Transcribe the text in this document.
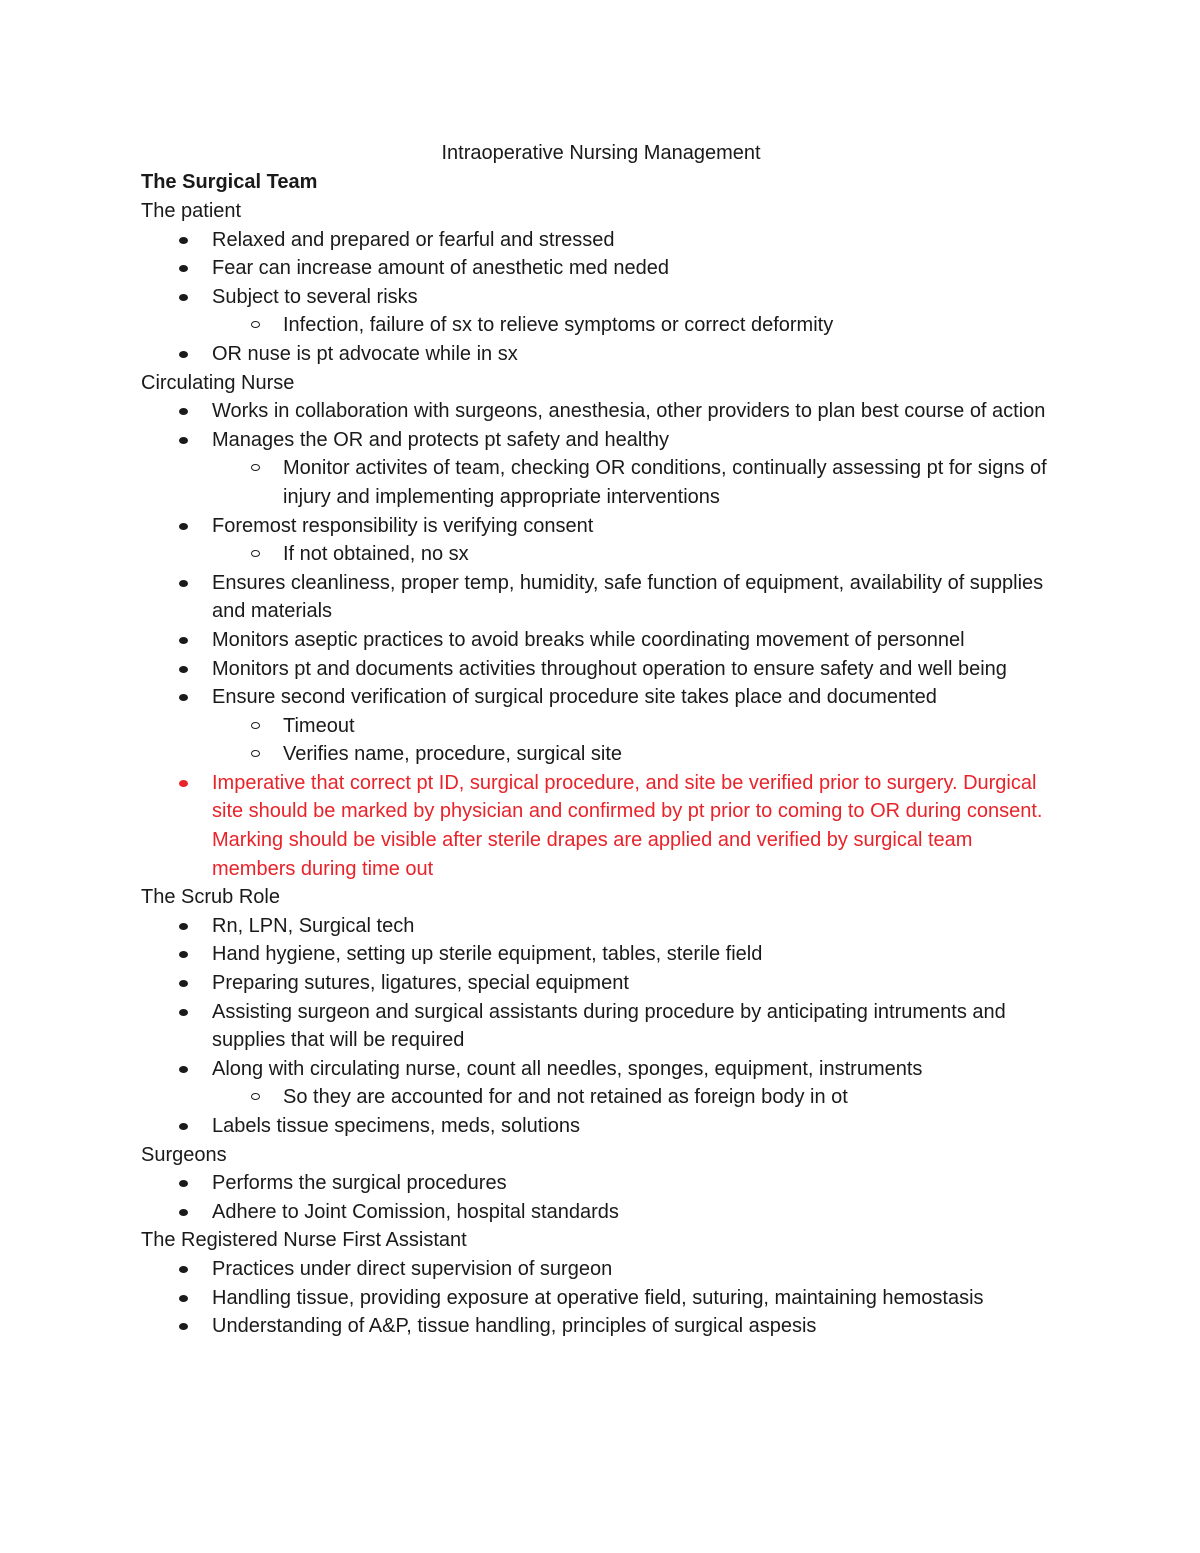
Intraoperative Nursing Management
The Surgical Team

The patient

Relaxed and prepared or fearful and stressed
Fear can increase amount of anesthetic med neded
Subject to several risks
Infection, failure of sx to relieve symptoms or correct deformity
OR nuse is pt advocate while in sx

Circulating Nurse

Works in collaboration with surgeons, anesthesia, other providers to plan best course of action
Manages the OR and protects pt safety and healthy
Monitor activites of team, checking OR conditions, continually assessing pt for signs of injury and implementing appropriate interventions
Foremost responsibility is verifying consent
If not obtained, no sx
Ensures cleanliness, proper temp, humidity, safe function of equipment, availability of supplies and materials
Monitors aseptic practices to avoid breaks while coordinating movement of personnel
Monitors pt and documents activities throughout operation to ensure safety and well being
Ensure second verification of surgical procedure site takes place and documented
Timeout
Verifies name, procedure, surgical site
Imperative that correct pt ID, surgical procedure, and site be verified prior to surgery. Durgical site should be marked by physician and confirmed by pt prior to coming to OR during consent. Marking should be visible after sterile drapes are applied and verified by surgical team members during time out

The Scrub Role

Rn, LPN, Surgical tech
Hand hygiene, setting up sterile equipment, tables, sterile field
Preparing sutures, ligatures, special equipment
Assisting surgeon and surgical assistants during procedure by anticipating intruments and supplies that will be required
Along with circulating nurse, count all needles, sponges, equipment, instruments
So they are accounted for and not retained as foreign body in ot
Labels tissue specimens, meds, solutions

Surgeons

Performs the surgical procedures
Adhere to Joint Comission, hospital standards

The Registered Nurse First Assistant

Practices under direct supervision of surgeon
Handling tissue, providing exposure at operative field, suturing, maintaining hemostasis
Understanding of A&P, tissue handling, principles of surgical aspesis
